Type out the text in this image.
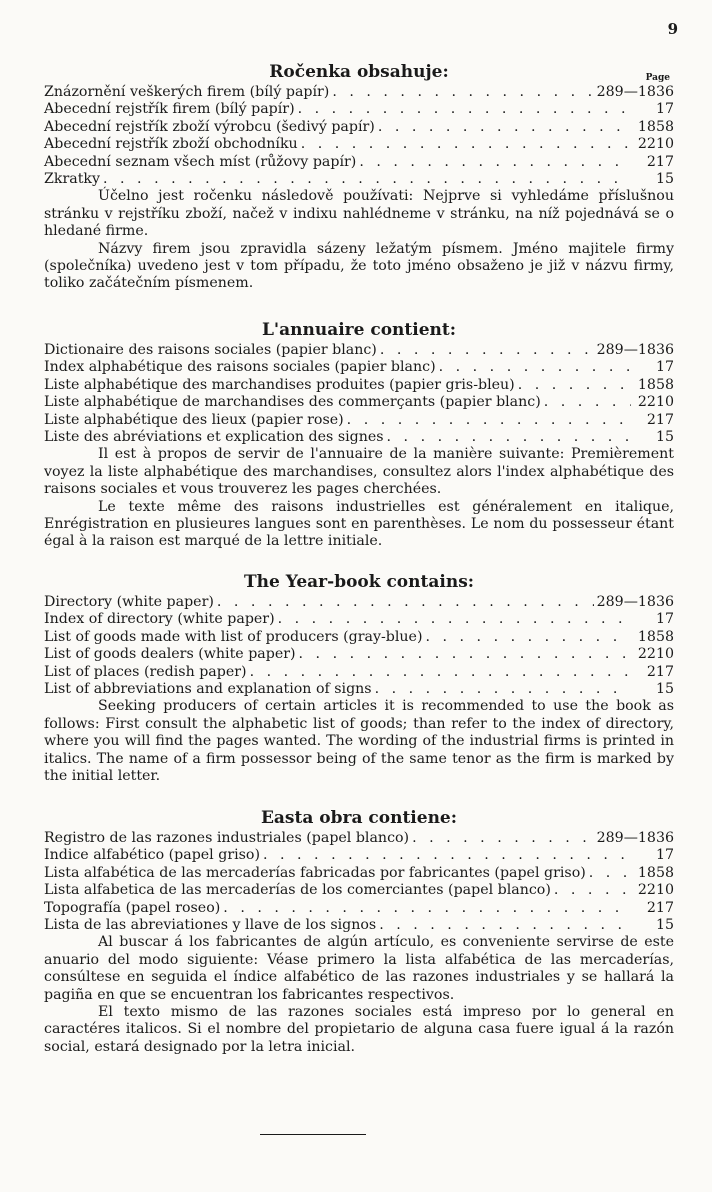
9
Ročenka obsahuje:	Page
Znázornění veškerých firem (bílý papír) . . .	289—1836
Abecední rejstřík firem (bílý papír) . . .	17
Abecední rejstřík zboží výrobcu (šedivý papír) . . .	1858
Abecední rejstřík zboží obchodníku . . .	2210
Abecední seznam všech míst (růžovy papír) . . .	217
Zkratky . . .	15

Účelno jest ročenku následově používati: Nejprve si vyhledáme příslušnou stránku v rejstříku zboží, načež v indixu nahlédneme v stránku, na níž pojednává se o hledané firme.

Názvy firem jsou zpravidla sázeny ležatým písmem. Jméno majitele firmy (společníka) uvedeno jest v tom případu, že toto jméno obsaženo je již v názvu firmy, toliko začátečním písmenem.

L'annuaire contient:
Dictionaire des raisons sociales (papier blanc) . . .	289—1836
Index alphabétique des raisons sociales (papier blanc) . . .	17
Liste alphabétique des marchandises produites (papier gris-bleu) . . .	1858
Liste alphabétique de marchandises des commerçants (papier blanc) . . .	2210
Liste alphabétique des lieux (papier rose) . . .	217
Liste des abréviations et explication des signes . . .	15

Il est à propos de servir de l'annuaire de la manière suivante: Premièrement voyez la liste alphabétique des marchandises, consultez alors l'index alphabétique des raisons sociales et vous trouverez les pages cherchées.

Le texte même des raisons industrielles est généralement en italique, Enrégistration en plusieures langues sont en parenthèses. Le nom du possesseur étant égal à la raison est marqué de la lettre initiale.

The Year-book contains:
Directory (white paper) . . .	289—1836
Index of directory (white paper) . . .	17
List of goods made with list of producers (gray-blue) . . .	1858
List of goods dealers (white paper) . . .	2210
List of places (redish paper) . . .	217
List of abbreviations and explanation of signs . . .	15

Seeking producers of certain articles it is recommended to use the book as follows: First consult the alphabetic list of goods; than refer to the index of directory, where you will find the pages wanted. The wording of the industrial firms is printed in italics. The name of a firm possessor being of the same tenor as the firm is marked by the initial letter.

Easta obra contiene:
Registro de las razones industriales (papel blanco) . . .	289—1836
Indice alfabético (papel griso) . . .	17
Lista alfabética de las mercaderías fabricadas por fabricantes (papel griso) . . .	1858
Lista alfabetica de las mercaderías de los comerciantes (papel blanco) . . .	2210
Topografía (papel roseo) . . .	217
Lista de las abreviationes y llave de los signos . . .	15

Al buscar á los fabricantes de algún artículo, es conveniente servirse de este anuario del modo siguiente: Véase primero la lista alfabética de las mercaderías, consúltese en seguida el índice alfabético de las razones industriales y se hallará la pagiña en que se encuentran los fabricantes respectivos.

El texto mismo de las razones sociales está impreso por lo general en caractéres italicos. Si el nombre del propietario de alguna casa fuere igual á la razón social, estará designado por la letra inicial.
